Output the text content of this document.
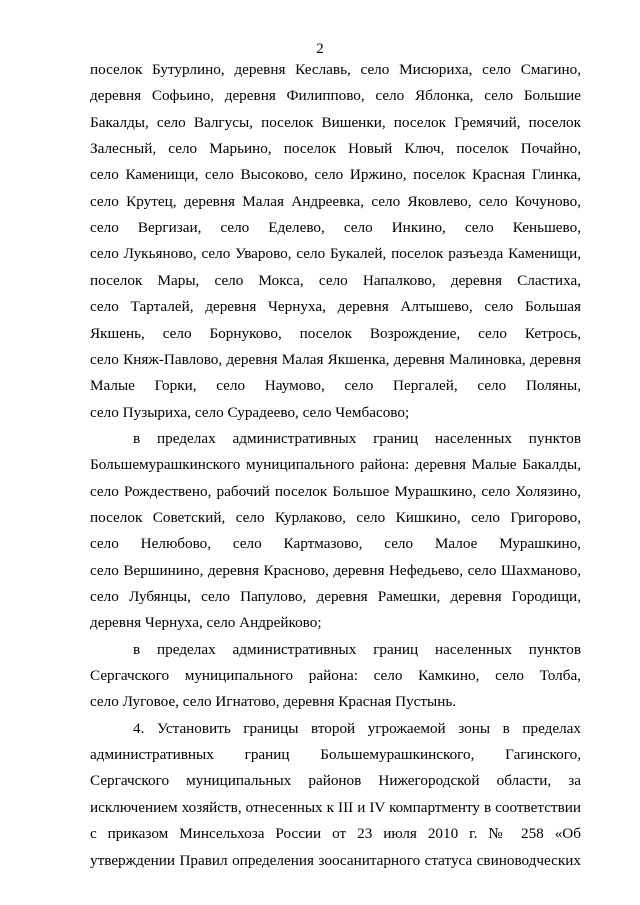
2
поселок Бутурлино, деревня Кеславь, село Мисюриха, село Смагино,
деревня Софьино, деревня Филиппово, село Яблонка, село Большие
Бакалды, село Валгусы, поселок Вишенки, поселок Гремячий, поселок
Залесный, село Марьино, поселок Новый Ключ, поселок Почайно,
село Каменищи, село Высоково, село Иржино, поселок Красная Глинка,
село Крутец, деревня Малая Андреевка, село Яковлево, село Кочуново,
село Вергизаи, село Еделево, село Инкино, село Кеньшево,
село Лукьяново, село Уварово, село Букалей, поселок разъезда Каменищи,
поселок Мары, село Мокса, село Напалково, деревня Сластиха,
село Тарталей, деревня Чернуха, деревня Алтышево, село Большая
Якшень, село Борнуково, поселок Возрождение, село Кетрось,
село Княж-Павлово, деревня Малая Якшенка, деревня Малиновка, деревня
Малые Горки, село Наумово, село Пергалей, село Поляны,
село Пузыриха, село Сурадеево, село Чембасово;
в пределах административных границ населенных пунктов
Большемурашкинского муниципального района: деревня Малые Бакалды,
село Рождествено, рабочий поселок Большое Мурашкино, село Холязино,
поселок Советский, село Курлаково, село Кишкино, село Григорово,
село Нелюбово, село Картмазово, село Малое Мурашкино,
село Вершинино, деревня Красново, деревня Нефедьево, село Шахманово,
село Лубянцы, село Папулово, деревня Рамешки, деревня Городищи,
деревня Чернуха, село Андрейково;
в пределах административных границ населенных пунктов
Сергачского муниципального района: село Камкино, село Толба,
село Луговое, село Игнатово, деревня Красная Пустынь.
4. Установить границы второй угрожаемой зоны в пределах
административных границ Большемурашкинского, Гагинского,
Сергачского муниципальных районов Нижегородской области, за
исключением хозяйств, отнесенных к III и IV компартменту в соответствии
с приказом Минсельхоза России от 23 июля 2010 г. № 258 «Об
утверждении Правил определения зоосанитарного статуса свиноводческих
